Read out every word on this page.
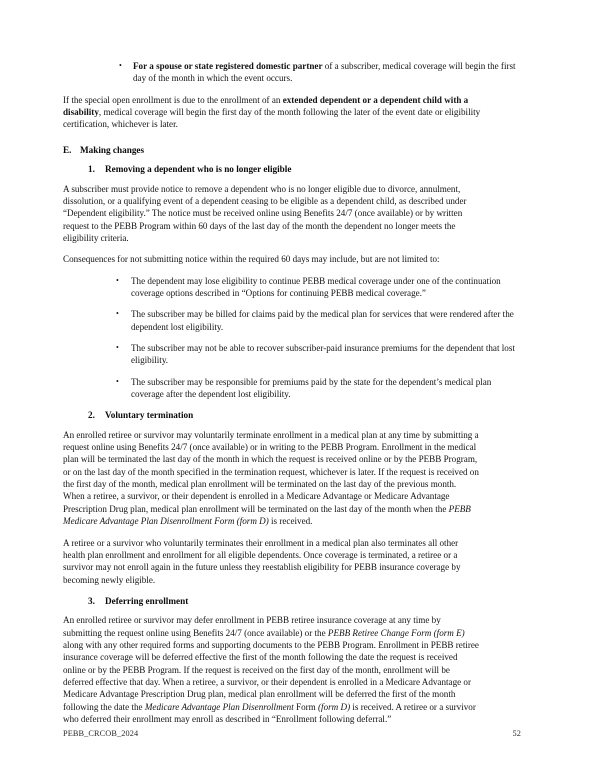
•	For a spouse or state registered domestic partner of a subscriber, medical coverage will begin the first day of the month in which the event occurs.

If the special open enrollment is due to the enrollment of an extended dependent or a dependent child with a disability, medical coverage will begin the first day of the month following the later of the event date or eligibility certification, whichever is later.

E. Making changes
1. Removing a dependent who is no longer eligible

A subscriber must provide notice to remove a dependent who is no longer eligible due to divorce, annulment, dissolution, or a qualifying event of a dependent ceasing to be eligible as a dependent child, as described under “Dependent eligibility.” The notice must be received online using Benefits 24/7 (once available) or by written request to the PEBB Program within 60 days of the last day of the month the dependent no longer meets the eligibility criteria.

Consequences for not submitting notice within the required 60 days may include, but are not limited to:

•	The dependent may lose eligibility to continue PEBB medical coverage under one of the continuation coverage options described in “Options for continuing PEBB medical coverage.”
•	The subscriber may be billed for claims paid by the medical plan for services that were rendered after the dependent lost eligibility.
•	The subscriber may not be able to recover subscriber-paid insurance premiums for the dependent that lost eligibility.
•	The subscriber may be responsible for premiums paid by the state for the dependent’s medical plan coverage after the dependent lost eligibility.
2. Voluntary termination

An enrolled retiree or survivor may voluntarily terminate enrollment in a medical plan at any time by submitting a request online using Benefits 24/7 (once available) or in writing to the PEBB Program. Enrollment in the medical plan will be terminated the last day of the month in which the request is received online or by the PEBB Program, or on the last day of the month specified in the termination request, whichever is later. If the request is received on the first day of the month, medical plan enrollment will be terminated on the last day of the previous month. When a retiree, a survivor, or their dependent is enrolled in a Medicare Advantage or Medicare Advantage Prescription Drug plan, medical plan enrollment will be terminated on the last day of the month when the PEBB Medicare Advantage Plan Disenrollment Form (form D) is received.

A retiree or a survivor who voluntarily terminates their enrollment in a medical plan also terminates all other health plan enrollment and enrollment for all eligible dependents. Once coverage is terminated, a retiree or a survivor may not enroll again in the future unless they reestablish eligibility for PEBB insurance coverage by becoming newly eligible.

3. Deferring enrollment

An enrolled retiree or survivor may defer enrollment in PEBB retiree insurance coverage at any time by submitting the request online using Benefits 24/7 (once available) or the PEBB Retiree Change Form (form E) along with any other required forms and supporting documents to the PEBB Program. Enrollment in PEBB retiree insurance coverage will be deferred effective the first of the month following the date the request is received online or by the PEBB Program. If the request is received on the first day of the month, enrollment will be deferred effective that day. When a retiree, a survivor, or their dependent is enrolled in a Medicare Advantage or Medicare Advantage Prescription Drug plan, medical plan enrollment will be deferred the first of the month following the date the Medicare Advantage Plan Disenrollment Form (form D) is received. A retiree or a survivor who deferred their enrollment may enroll as described in “Enrollment following deferral.”

PEBB_CRCOB_2024	52
